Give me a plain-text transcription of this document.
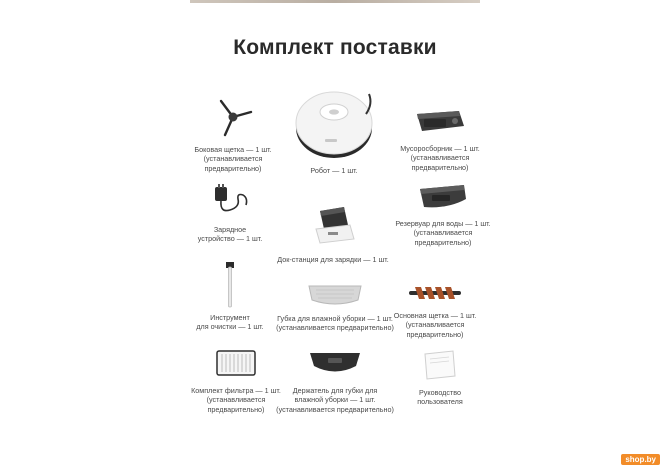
Комплект поставки
Боковая щетка — 1 шт.
(устанавливается
предварительно)	Робот — 1 шт.
Мусоросборник — 1 шт.
(устанавливается
предварительно)
Зарядное
устройство — 1 шт.
Док-станция для зарядки — 1 шт.
Резервуар для воды — 1 шт.
(устанавливается
предварительно)
Инструмент
для очистки — 1 шт.
Губка для влажной уборки — 1 шт.
(устанавливается предварительно)
Основная щетка — 1 шт.
(устанавливается
предварительно)
Комплект фильтра — 1 шт.
(устанавливается
предварительно)
Держатель для губки для
влажной уборки — 1 шт.
(устанавливается предварительно)
Руководство
пользователя
shop.by
